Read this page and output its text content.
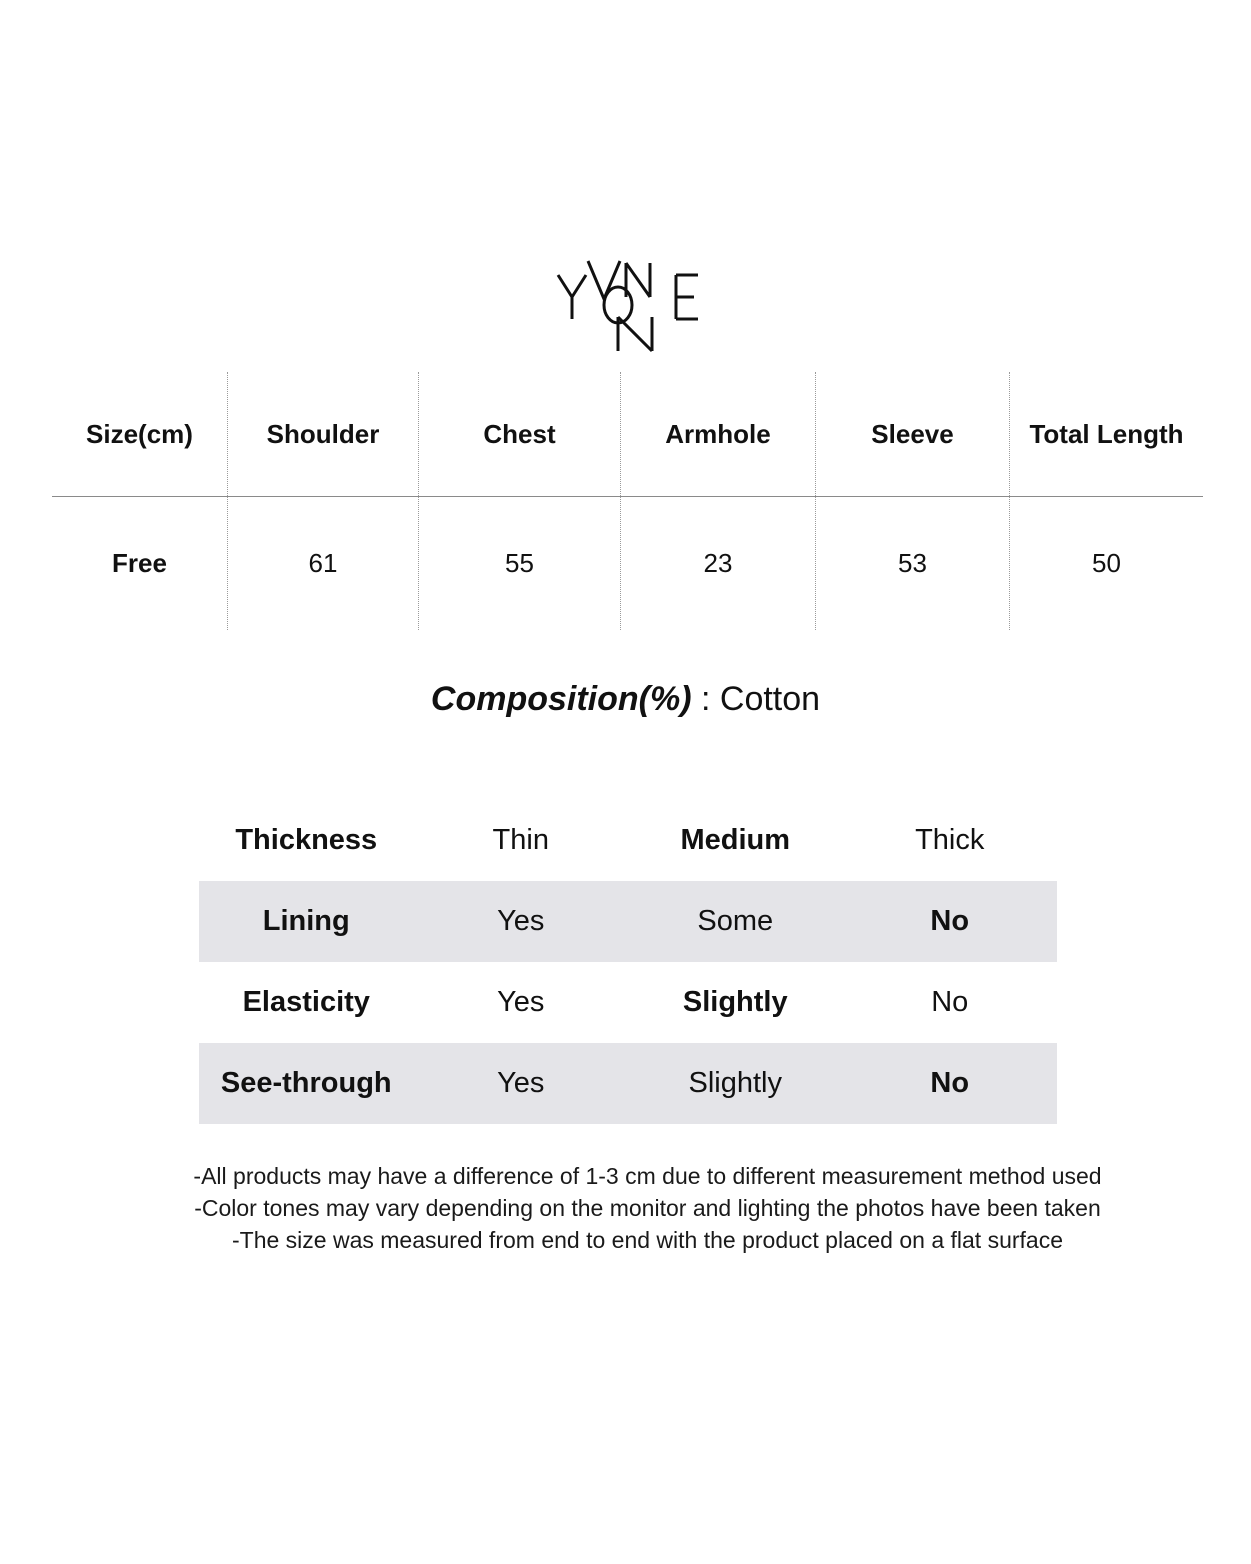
Size(cm)	Shoulder	Chest	Armhole	Sleeve	Total Length
Free	61	55	23	53	50
Composition(%) : Cotton
Thickness	Thin	Medium	Thick
Lining	Yes	Some	No
Elasticity	Yes	Slightly	No
See-through	Yes	Slightly	No
-All products may have a difference of 1-3 cm due to different measurement method used
-Color tones may vary depending on the monitor and lighting the photos have been taken
-The size was measured from end to end with the product placed on a flat surface
